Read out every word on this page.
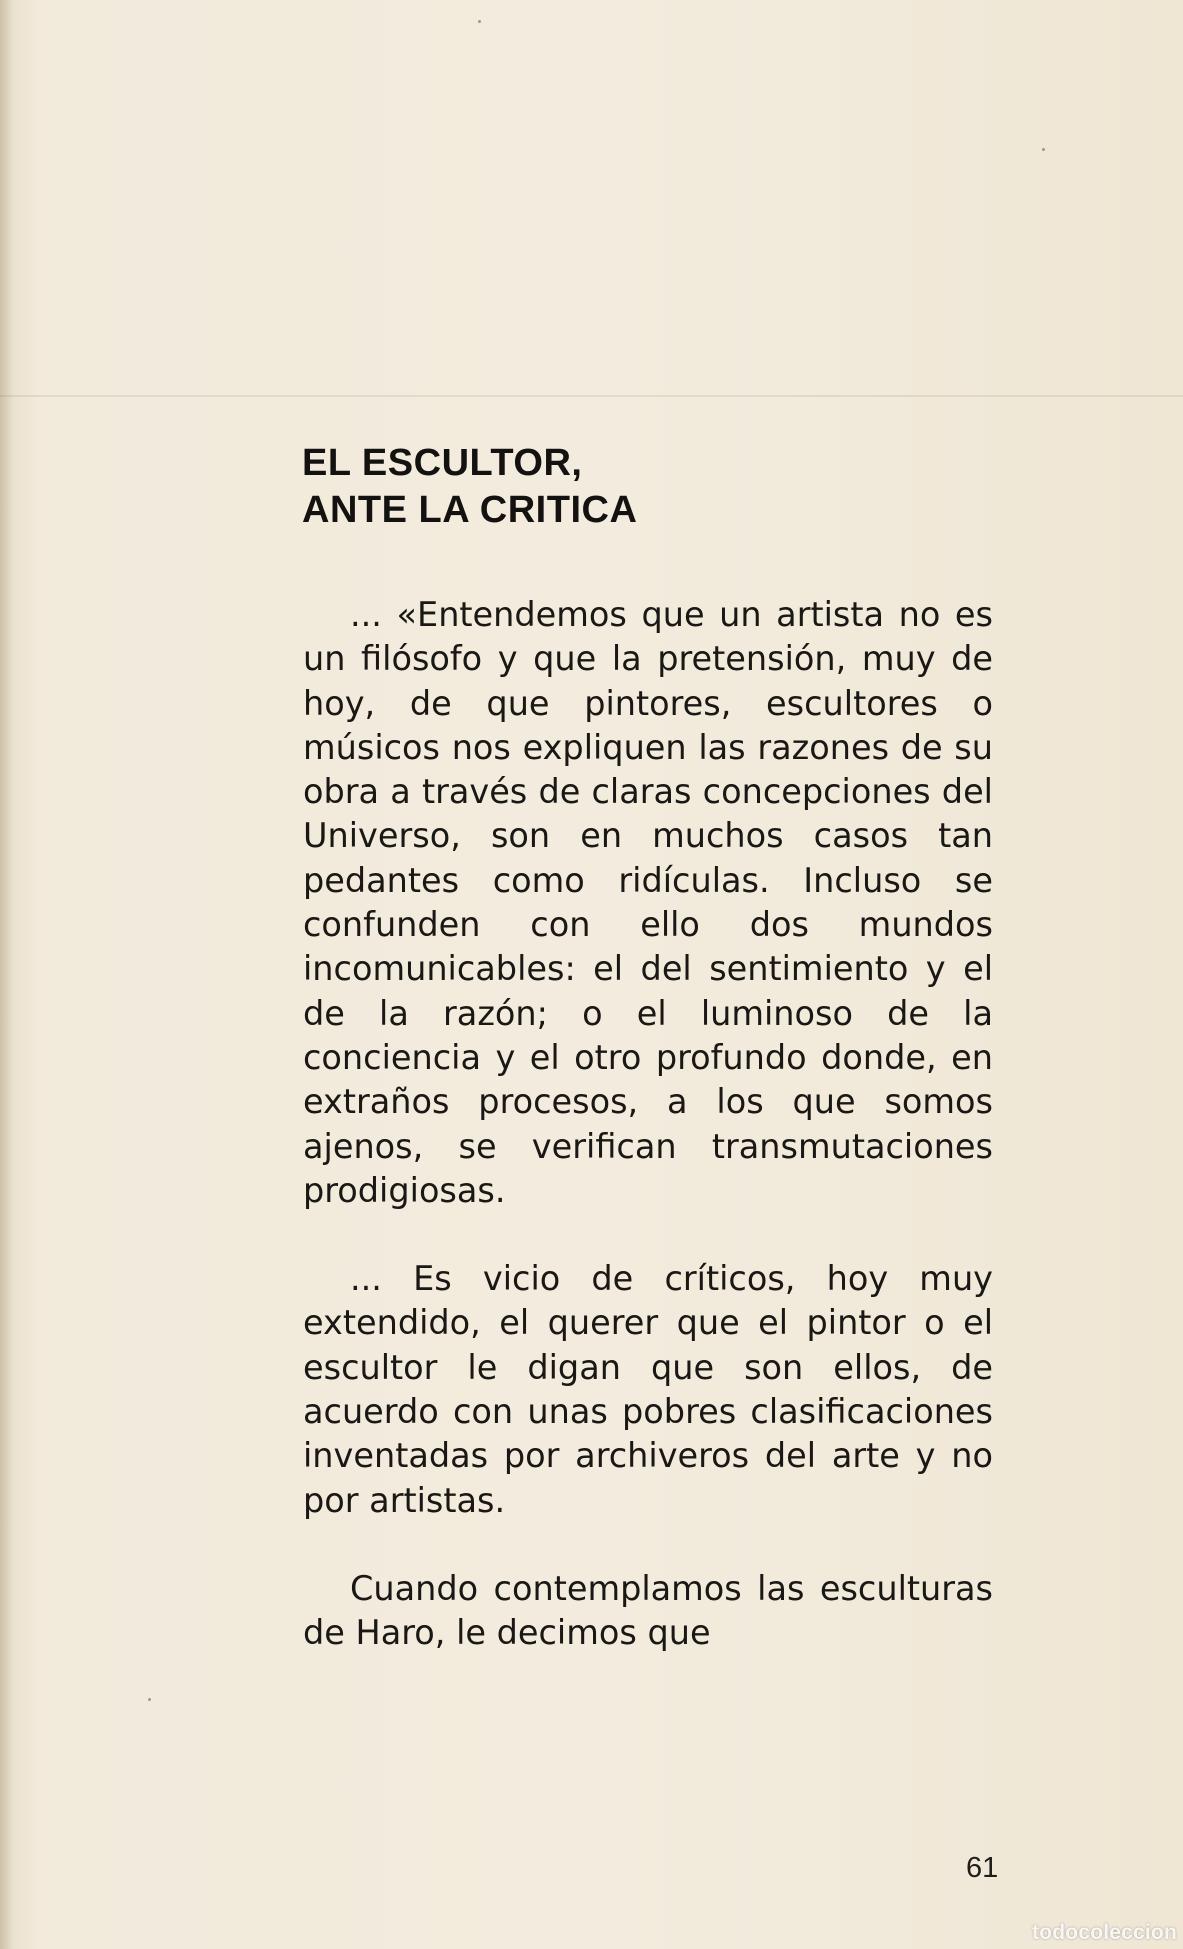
EL ESCULTOR,
ANTE LA CRITICA

... «Entendemos que un artista no es un filósofo y que la pretensión, muy de hoy, de que pintores, escultores o músicos nos expliquen las razones de su obra a través de claras concepciones del Universo, son en muchos casos tan pedantes como ridículas. Incluso se confunden con ello dos mundos incomunicables: el del sentimiento y el de la razón; o el luminoso de la conciencia y el otro profundo donde, en extraños procesos, a los que somos ajenos, se verifican transmutaciones prodigiosas.

... Es vicio de críticos, hoy muy extendido, el querer que el pintor o el escultor le digan que son ellos, de acuerdo con unas pobres clasificaciones inventadas por archiveros del arte y no por artistas.

Cuando contemplamos las esculturas de Haro, le decimos que

61
todocoleccion
